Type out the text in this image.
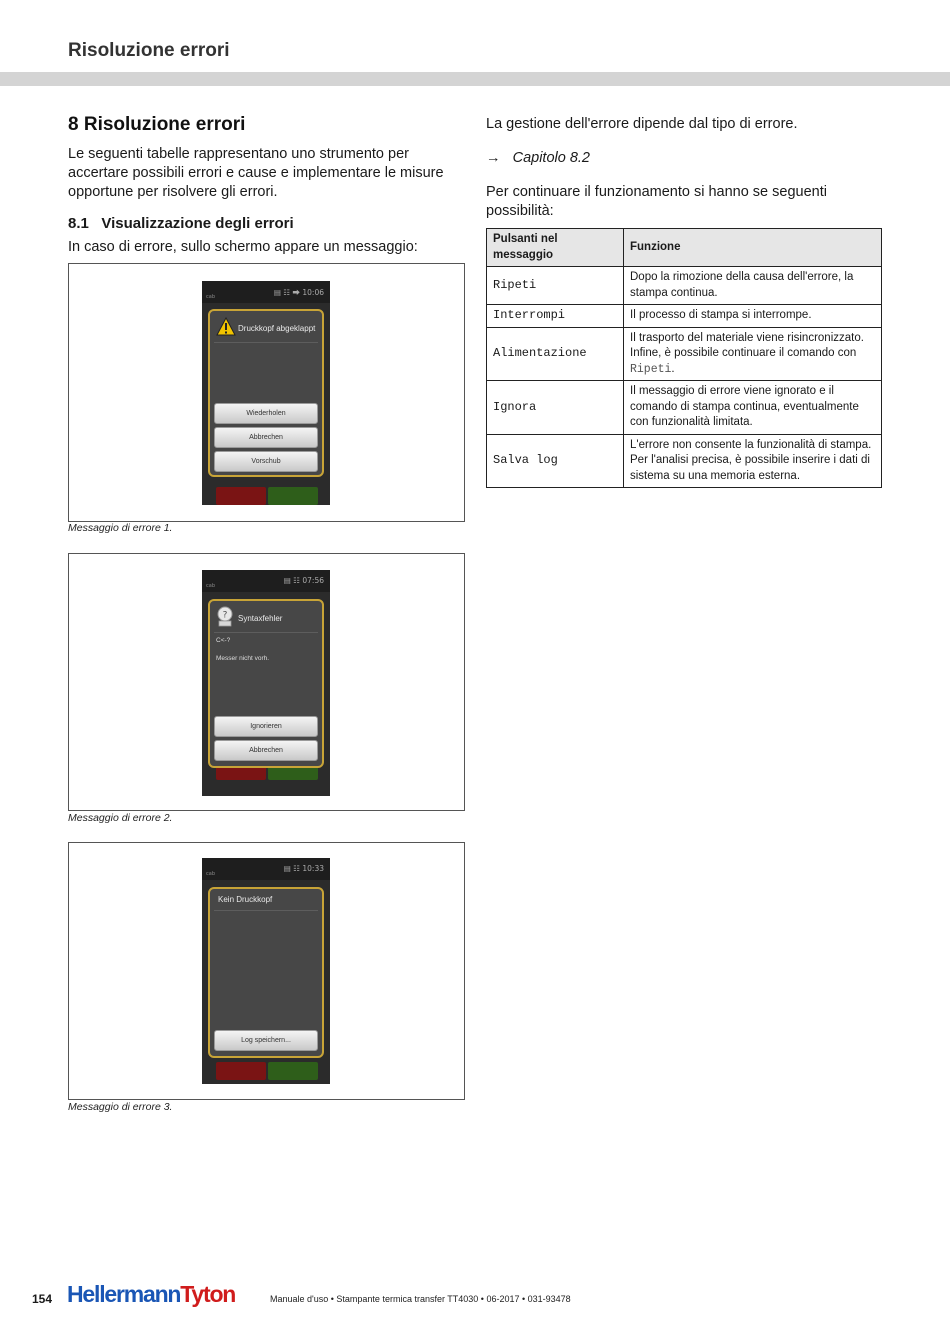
Risoluzione errori
8 Risoluzione errori
Le seguenti tabelle rappresentano uno strumento per accertare possibili errori e cause e implementare le misure opportune per risolvere gli errori.
8.1 Visualizzazione degli errori
In caso di errore, sullo schermo appare un messaggio:
cab	▤ ☷ ⮕ 10:06
Druckkopf abgeklappt
Wiederholen
Abbrechen
Vorschub
Messaggio di errore 1.
cab
▤ ☷ 07:56
? Syntaxfehler
C<-?
Messer nicht vorh.
Ignorieren
Abbrechen
Messaggio di errore 2.
cab
▤ ☷ 10:33
Kein Druckkopf
Log speichern...
Messaggio di errore 3.
La gestione dell'errore dipende dal tipo di errore.
→ Capitolo 8.2
Per continuare il funzionamento si hanno se seguenti possibilità:
Pulsanti nel messaggio	Funzione
Ripeti	Dopo la rimozione della causa dell'errore, la stampa continua.
Interrompi	Il processo di stampa si interrompe.
Alimentazione	Il trasporto del materiale viene risincronizzato. Infine, è possibile continuare il comando con Ripeti.
Ignora	Il messaggio di errore viene ignorato e il comando di stampa continua, eventualmente con funzionalità limitata.
Salva log	L'errore non consente la funzionalità di stampa.
Per l'analisi precisa, è possibile inserire i dati di sistema su una memoria esterna.
154 HellermannTyton	Manuale d'uso • Stampante termica transfer TT4030 • 06-2017 • 031-93478
